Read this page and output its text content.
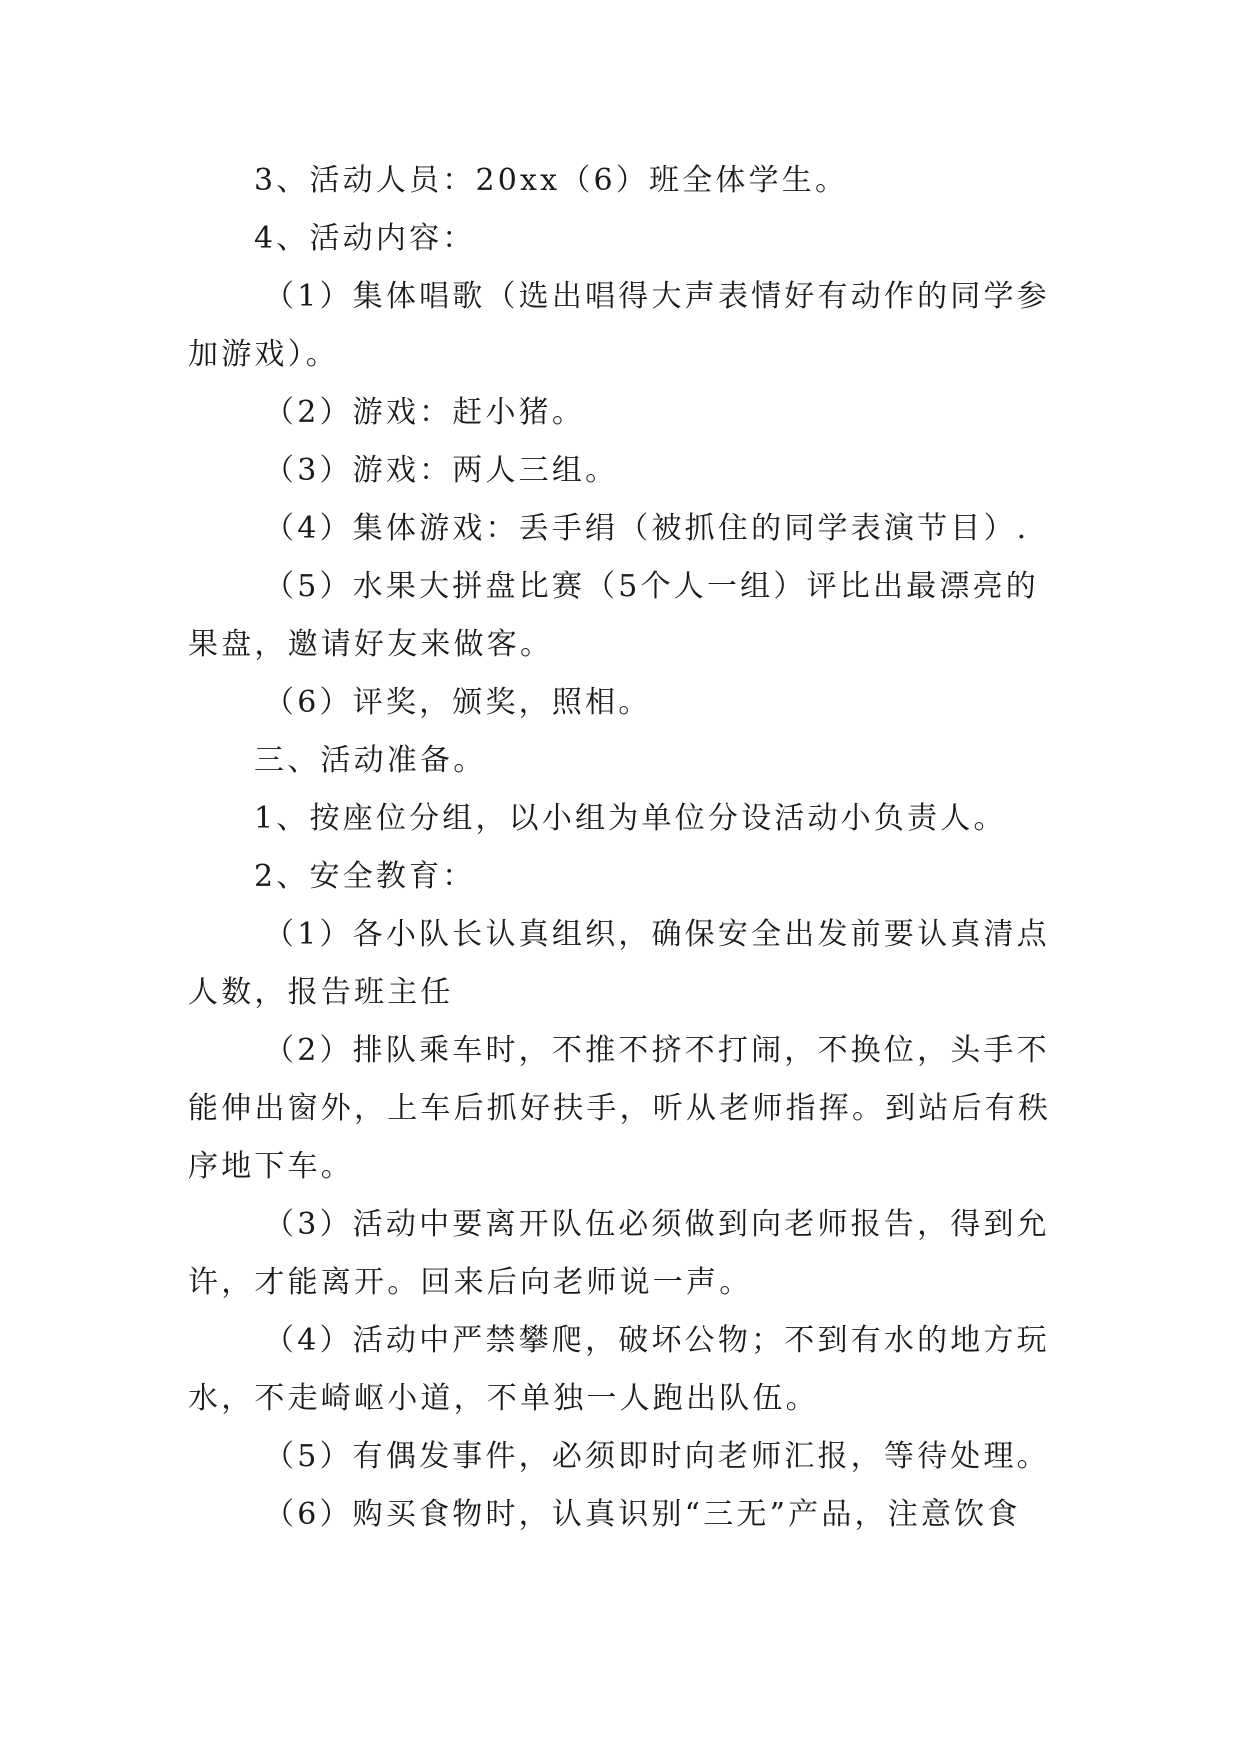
3、活动人员：20xx（6）班全体学生。

4、活动内容：

（1）集体唱歌（选出唱得大声表情好有动作的同学参加游戏）。

（2）游戏：赶小猪。

（3）游戏：两人三组。

（4）集体游戏：丢手绢（被抓住的同学表演节目）.

（5）水果大拼盘比赛（5个人一组）评比出最漂亮的果盘，邀请好友来做客。

（6）评奖，颁奖，照相。

三、活动准备。

1、按座位分组，以小组为单位分设活动小负责人。

2、安全教育：

（1）各小队长认真组织，确保安全出发前要认真清点人数，报告班主任

（2）排队乘车时，不推不挤不打闹，不换位，头手不能伸出窗外，上车后抓好扶手，听从老师指挥。到站后有秩序地下车。

（3）活动中要离开队伍必须做到向老师报告，得到允许，才能离开。回来后向老师说一声。

（4）活动中严禁攀爬，破坏公物；不到有水的地方玩水，不走崎岖小道，不单独一人跑出队伍。

（5）有偶发事件，必须即时向老师汇报，等待处理。

（6）购买食物时，认真识别“三无”产品，注意饮食
